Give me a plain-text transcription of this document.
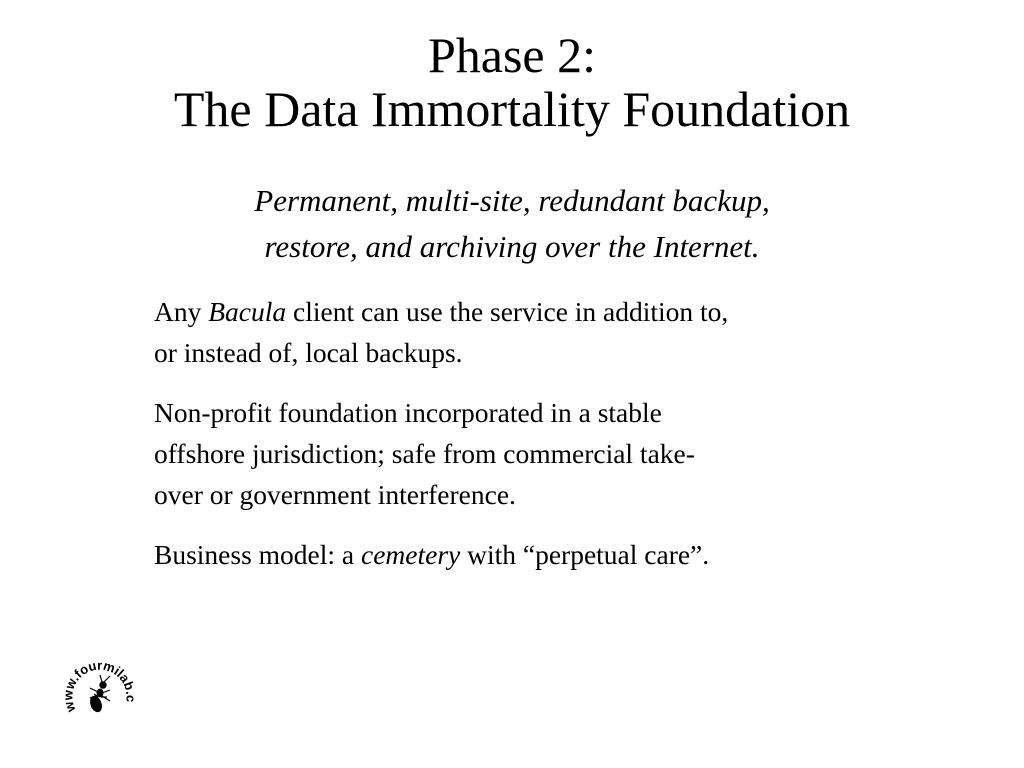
Phase 2:
The Data Immortality Foundation
Permanent, multi-site, redundant backup,
restore, and archiving over the Internet.

Any Bacula client can use the service in addition to,
or instead of, local backups.

Non-profit foundation incorporated in a stable
offshore jurisdiction; safe from commercial take-
over or government interference.

Business model: a cemetery with “perpetual care”.

www.fourmilab.c
